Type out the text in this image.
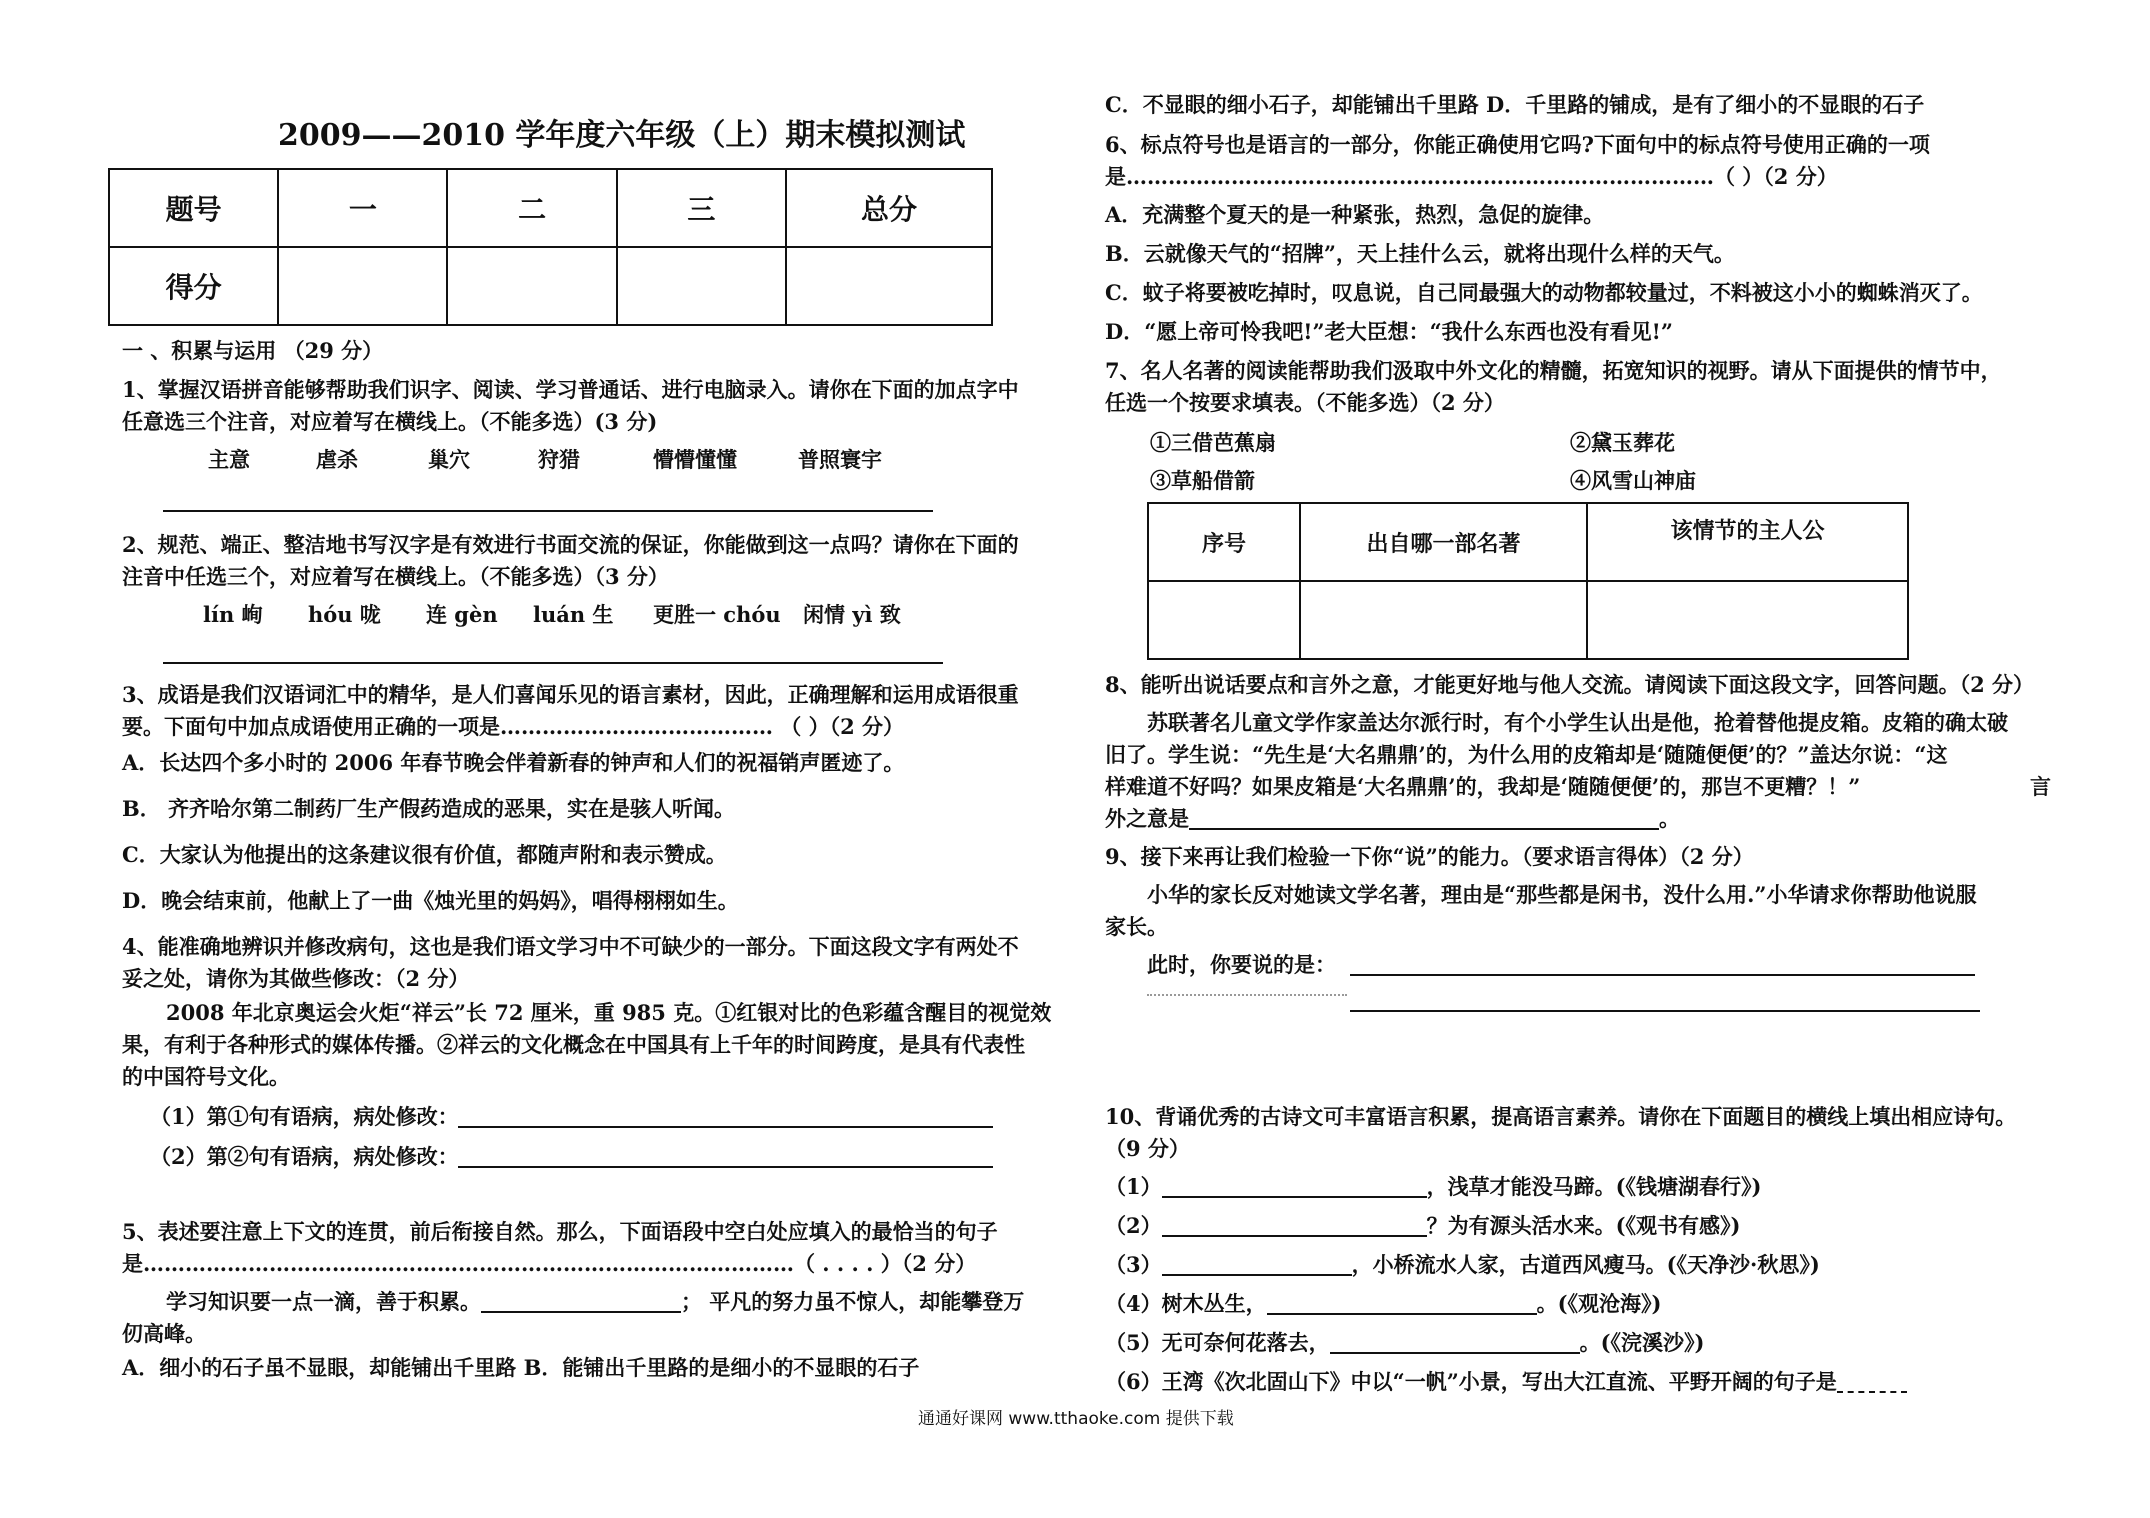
2009——2010 学年度六年级（上）期末模拟测试
题号	一	二	三	总分
得分				
一 、积累与运用 （29 分）
1、掌握汉语拼音能够帮助我们识字、阅读、学习普通话、进行电脑录入。请你在下面的加点字中
任意选三个注音，对应着写在横线上。（不能多选）(3 分)
主意	虐杀	巢穴	狩猎	懵懵懂懂	普照寰宇
2、规范、端正、整洁地书写汉字是有效进行书面交流的保证，你能做到这一点吗？请你在下面的
注音中任选三个，对应着写在横线上。（不能多选）（3 分）
lín 峋 hóu 咙 连 gèn luán 生 更胜一 chóu 闲情 yì 致
3、成语是我们汉语词汇中的精华，是人们喜闻乐见的语言素材，因此，正确理解和运用成语很重
要。下面句中加点成语使用正确的一项是………………………………… （ ）（2 分）
A．长达四个多小时的 2006 年春节晚会伴着新春的钟声和人们的祝福销声匿迹了。
B． 齐齐哈尔第二制药厂生产假药造成的恶果，实在是骇人听闻。
C．大家认为他提出的这条建议很有价值，都随声附和表示赞成。
D．晚会结束前，他献上了一曲《烛光里的妈妈》，唱得栩栩如生。
4、能准确地辨识并修改病句，这也是我们语文学习中不可缺少的一部分。下面这段文字有两处不
妥之处，请你为其做些修改：（2 分）
2008 年北京奥运会火炬“祥云”长 72 厘米，重 985 克。①红银对比的色彩蕴含醒目的视觉效
果，有利于各种形式的媒体传播。②祥云的文化概念在中国具有上千年的时间跨度，是具有代表性
的中国符号文化。
（1）第①句有语病，病处修改：
（2）第②句有语病，病处修改：
5、表述要注意上下文的连贯，前后衔接自然。那么，下面语段中空白处应填入的最恰当的句子
是…………………………………………………………………………………（ . . . . ）（2 分）
学习知识要一点一滴，善于积累。	； 平凡的努力虽不惊人，却能攀登万
仞高峰。
A．细小的石子虽不显眼，却能铺出千里路 B．能铺出千里路的是细小的不显眼的石子
C．不显眼的细小石子，却能铺出千里路 D．千里路的铺成，是有了细小的不显眼的石子
6、标点符号也是语言的一部分，你能正确使用它吗?下面句中的标点符号使用正确的一项
是…………………………………………………………………………（ ）（2 分）
A．充满整个夏天的是一种紧张，热烈，急促的旋律。
B．云就像天气的“招牌”，天上挂什么云，就将出现什么样的天气。
C．蚊子将要被吃掉时，叹息说，自己同最强大的动物都较量过，不料被这小小的蜘蛛消灭了。
D．“愿上帝可怜我吧!”老大臣想：“我什么东西也没有看见!”
7、名人名著的阅读能帮助我们汲取中外文化的精髓，拓宽知识的视野。请从下面提供的情节中，
任选一个按要求填表。（不能多选）（2 分）
①三借芭蕉扇	②黛玉葬花
③草船借箭	④风雪山神庙
序号	出自哪一部名著	该情节的主人公

8、能听出说话要点和言外之意，才能更好地与他人交流。请阅读下面这段文字，回答问题。（2 分）
苏联著名儿童文学作家盖达尔派行时，有个小学生认出是他，抢着替他提皮箱。皮箱的确太破
旧了。学生说：“先生是‘大名鼎鼎’的，为什么用的皮箱却是‘随随便便’的？”盖达尔说：“这
样难道不好吗？如果皮箱是‘大名鼎鼎’的，我却是‘随随便便’的，那岂不更糟？！”	言
外之意是	。
9、接下来再让我们检验一下你“说”的能力。（要求语言得体）（2 分）
小华的家长反对她读文学名著，理由是“那些都是闲书，没什么用.”小华请求你帮助他说服
家长。
此时，你要说的是：
10、背诵优秀的古诗文可丰富语言积累，提高语言素养。请你在下面题目的横线上填出相应诗句。
（9 分）
（1）	，浅草才能没马蹄。(《钱塘湖春行》)
（2）	？为有源头活水来。(《观书有感》)
（3）	，小桥流水人家，古道西风瘦马。(《天净沙·秋思》)
（4）树木丛生，	。(《观沧海》)
（5）无可奈何花落去，	。(《浣溪沙》)
（6）王湾《次北固山下》中以“一帆”小景，写出大江直流、平野开阔的句子是
通通好课网 www.tthaoke.com 提供下载
